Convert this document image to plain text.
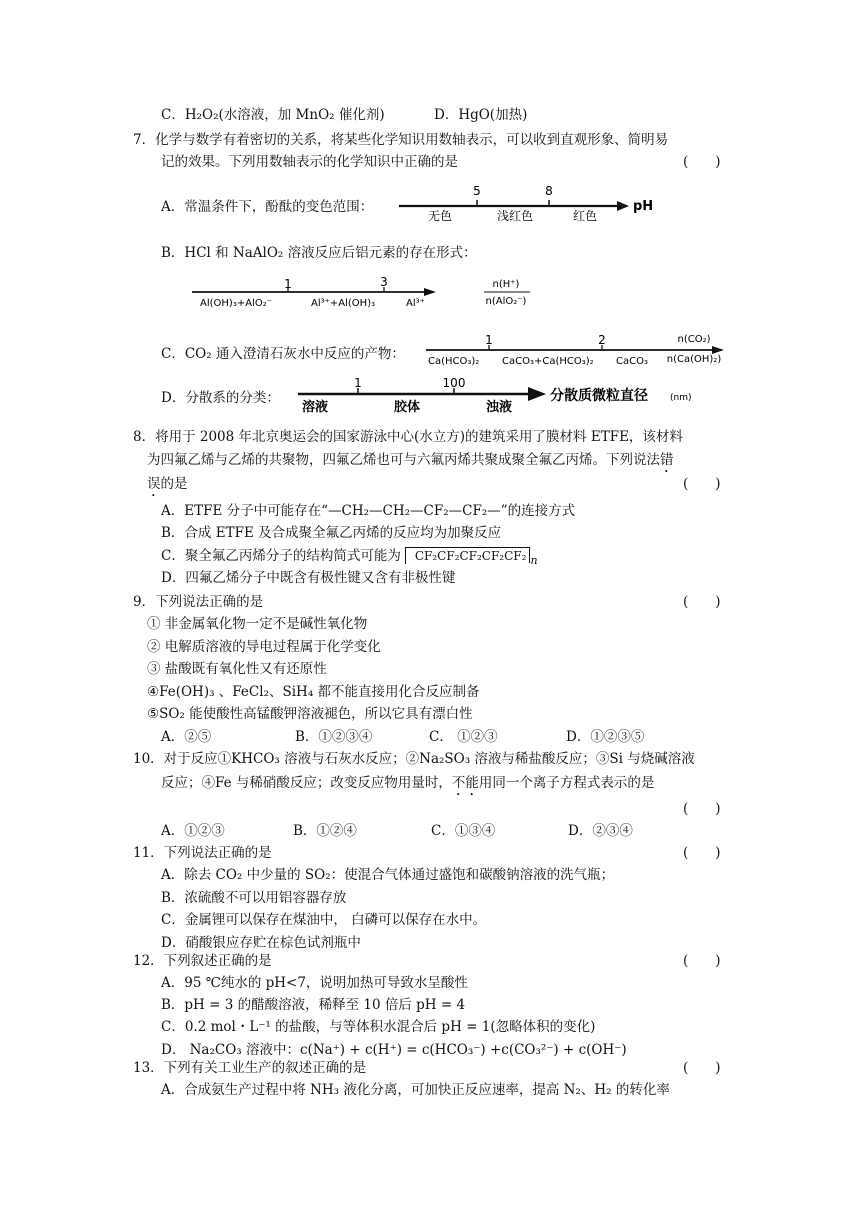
C．H₂O₂(水溶液，加 MnO₂ 催化剂)	D．HgO(加热)
7．化学与数学有着密切的关系，将某些化学知识用数轴表示，可以收到直观形象、简明易
记的效果。下列用数轴表示的化学知识中正确的是	(　　)
A．常温条件下，酚酞的变色范围：
5	8
pH
无色	浅红色	红色
B．HCl 和 NaAlO₂ 溶液反应后铝元素的存在形式：
1	3
Al(OH)₃+AlO₂⁻	Al³⁺+Al(OH)₃	Al³⁺
n(H⁺)
n(AlO₂⁻)
C．CO₂ 通入澄清石灰水中反应的产物：
1	2
Ca(HCO₃)₂ CaCO₃+Ca(HCO₃)₂ CaCO₃
n(CO₂)
n(Ca(OH)₂)
D．分散系的分类：
1	100
溶液	胶体	浊液
分散质微粒直径 (nm)
8．将用于 2008 年北京奥运会的国家游泳中心(水立方)的建筑采用了膜材料 ETFE，该材料
为四氟乙烯与乙烯的共聚物，四氟乙烯也可与六氟丙烯共聚成聚全氟乙丙烯。下列说法错
误的是	(　　)
A．ETFE 分子中可能存在“—CH₂—CH₂—CF₂—CF₂—”的连接方式
B．合成 ETFE 及合成聚全氟乙丙烯的反应均为加聚反应
C．聚全氟乙丙烯分子的结构简式可能为 CF₂CF₂CF₂CF₂CF₂ $_n$
D．四氟乙烯分子中既含有极性键又含有非极性键
9．下列说法正确的是	(　　)
① 非金属氧化物一定不是碱性氧化物
② 电解质溶液的导电过程属于化学变化
③ 盐酸既有氧化性又有还原性
④Fe(OH)₃ 、FeCl₂、SiH₄ 都不能直接用化合反应制备
⑤SO₂ 能使酸性高锰酸钾溶液褪色，所以它具有漂白性
A．②⑤	B．①②③④	C． ①②③	D．①②③⑤
10．对于反应①KHCO₃ 溶液与石灰水反应；②Na₂SO₃ 溶液与稀盐酸反应；③Si 与烧碱溶液
反应；④Fe 与稀硝酸反应；改变反应物用量时，不能用同一个离子方程式表示的是
(　　)
A．①②③	B．①②④	C．①③④	D．②③④
11．下列说法正确的是	(　　)
A．除去 CO₂ 中少量的 SO₂：使混合气体通过盛饱和碳酸钠溶液的洗气瓶；
B．浓硫酸不可以用铝容器存放
C．金属锂可以保存在煤油中， 白磷可以保存在水中。
D．硝酸银应存贮在棕色试剂瓶中
12．下列叙述正确的是	(　　)
A．95 ℃纯水的 pH<7，说明加热可导致水呈酸性
B．pH = 3 的醋酸溶液，稀释至 10 倍后 pH = 4
C．0.2 mol・L⁻¹ 的盐酸，与等体积水混合后 pH = 1(忽略体积的变化)
D． Na₂CO₃ 溶液中：c(Na⁺) + c(H⁺) = c(HCO₃⁻) +c(CO₃²⁻) + c(OH⁻)
13．下列有关工业生产的叙述正确的是	(　　)
A．合成氨生产过程中将 NH₃ 液化分离，可加快正反应速率，提高 N₂、H₂ 的转化率
